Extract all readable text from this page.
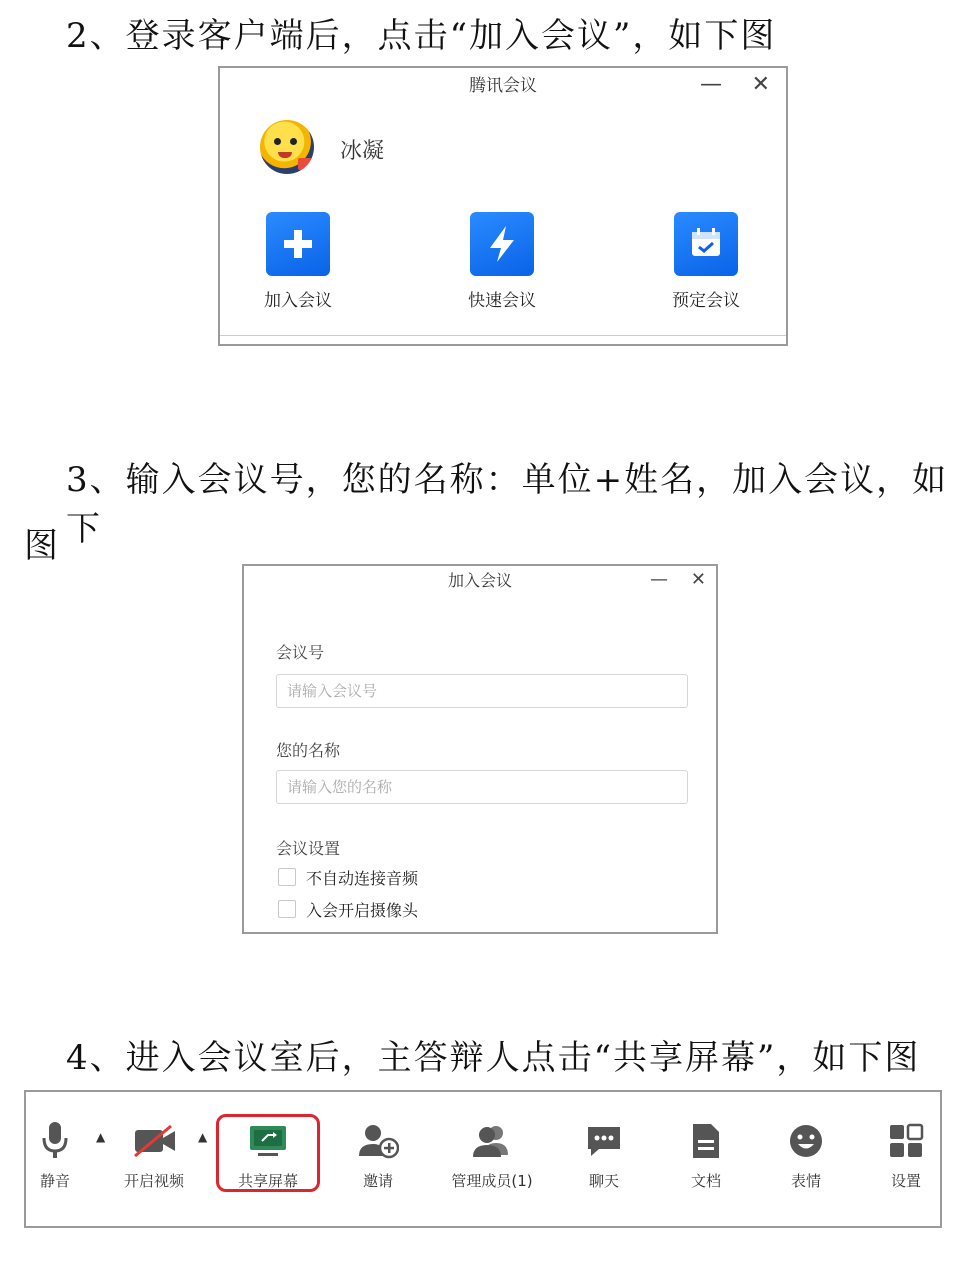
2、登录客户端后，点击“加入会议”，如下图
腾讯会议	— ✕
冰凝
加入会议	快速会议	预定会议
3、输入会议号，您的名称：单位+姓名，加入会议，如下
图
加入会议	— ✕
会议号
请输入会议号
您的名称
请输入您的名称
会议设置
不自动连接音频
入会开启摄像头
4、进入会议室后，主答辩人点击“共享屏幕”，如下图
静音
▲
开启视频
▲
共享屏幕	邀请	管理成员(1)	聊天	文档	表情	设置
